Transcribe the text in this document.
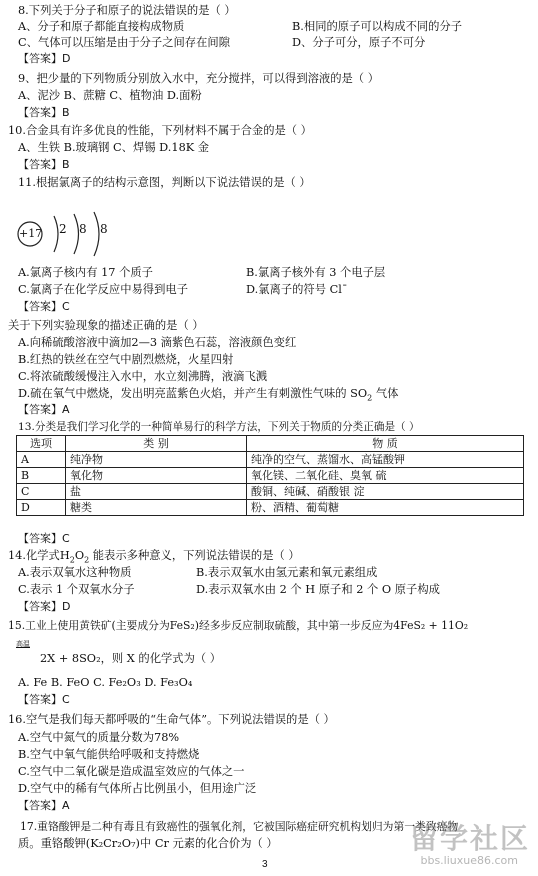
8.下列关于分子和原子的说法错误的是（ ）
A、分子和原子都能直接构成物质	B.相同的原子可以构成不同的分子
C、气体可以压缩是由于分子之间存在间隙	D、分子可分，原子不可分
【答案】D
9、把少量的下列物质分别放入水中，充分搅拌，可以得到溶液的是（ ）
A、泥沙 B、蔗糖 C、植物油 D.面粉
【答案】B
10.合金具有许多优良的性能，下列材料不属于合金的是（ ）
A、生铁 B.玻璃钢 C、焊锡 D.18K 金
【答案】B
11.根据氯离子的结构示意图，判断以下说法错误的是（ ）
+17 2 8 8
A.氯离子核内有 17 个质子	B.氯离子核外有 3 个电子层
C.氯离子在化学反应中易得到电子	D.氯离子的符号 Cl¯
【答案】C
关于下列实验现象的描述正确的是（ ）
A.向稀硫酸溶液中滴加2—3 滴紫色石蕊，溶液颜色变红
B.红热的铁丝在空气中剧烈燃烧，火星四射
C.将浓硫酸缓慢注入水中，水立刻沸腾，液滴飞溅
D.硫在氧气中燃烧，发出明亮蓝紫色火焰，并产生有刺激性气味的 $SO_2$ 气体
【答案】A
13.分类是我们学习化学的一种简单易行的科学方法，下列关于物质的分类正确是（ ）
选项	类 别	物 质
A	纯净物	纯净的空气、蒸馏水、高锰酸钾
B	氧化物	氧化镁、二氧化硅、臭氧 硫
C	盐	酸铜、纯碱、硝酸银 淀
D	糖类	粉、酒精、葡萄糖
【答案】C
14.化学式$H_2O_2$ 能表示多种意义，下列说法错误的是（ ）
A.表示双氧水这种物质	B.表示双氧水由氢元素和氧元素组成
C.表示 1 个双氧水分子	D.表示双氧水由 2 个 H 原子和 2 个 O 原子构成
【答案】D
15.工业上使用黄铁矿(主要成分为FeS₂)经多步反应制取硫酸，其中第一步反应为4FeS₂ + 11O₂
高温
2X + 8SO₂，则 X 的化学式为（ ）
A. Fe B. FeO C. Fe₂O₃ D. Fe₃O₄
【答案】C
16.空气是我们每天都呼吸的“生命气体”。下列说法错误的是（ ）
A.空气中氮气的质量分数为78%
B.空气中氧气能供给呼吸和支持燃烧
C.空气中二氧化碳是造成温室效应的气体之一
D.空气中的稀有气体所占比例虽小，但用途广泛
【答案】A
17.重铬酸钾是二种有毒且有致癌性的强氧化剂，它被国际癌症研究机构划归为第一类致癌物
质。重铬酸钾(K₂Cr₂O₇)中 Cr 元素的化合价为（ ）
3
留学社区
bbs.liuxue86.com
